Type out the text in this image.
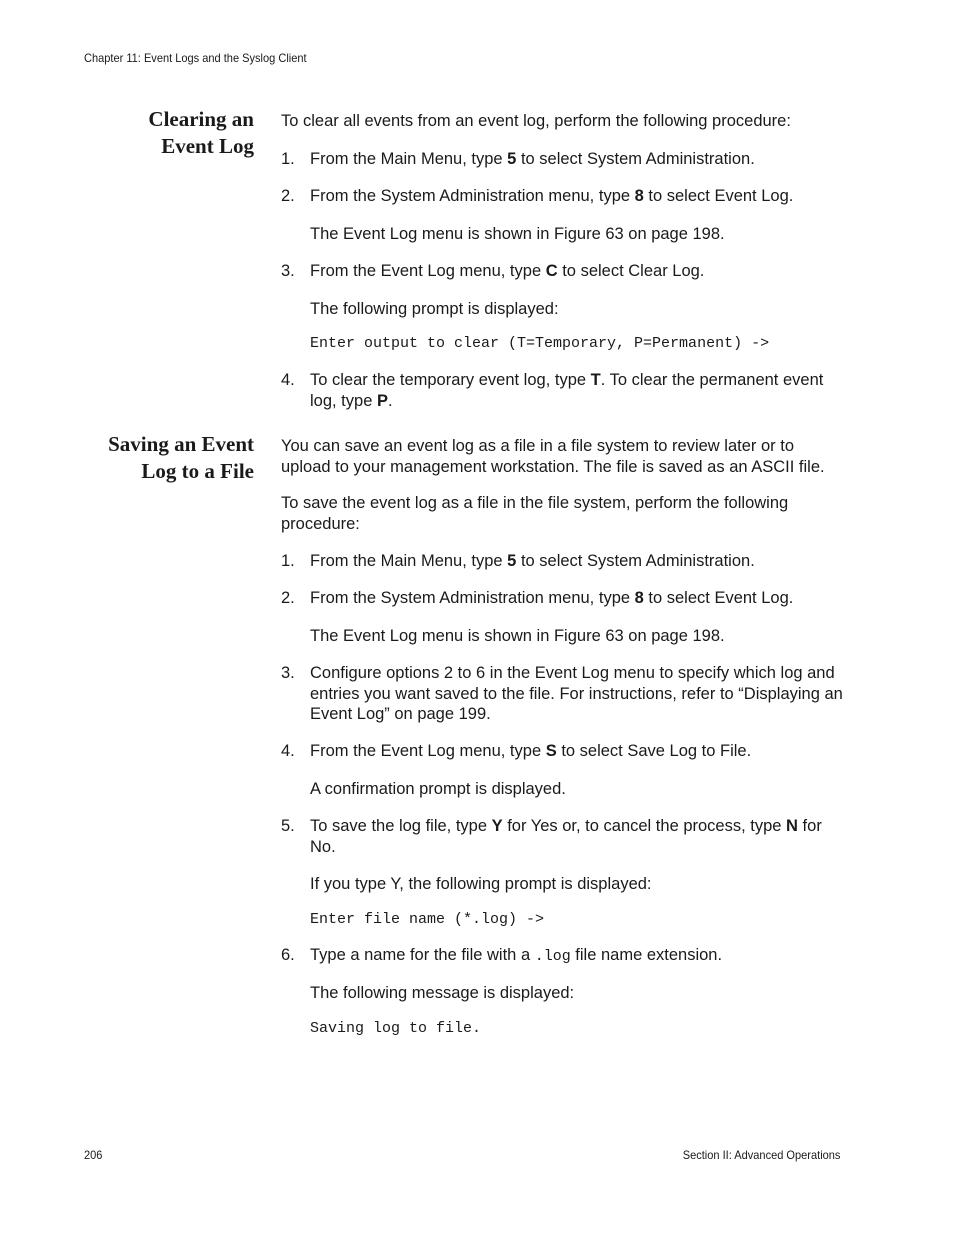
Chapter 11: Event Logs and the Syslog Client
Clearing an
Event Log
To clear all events from an event log, perform the following procedure:
1. From the Main Menu, type 5 to select System Administration.
2. From the System Administration menu, type 8 to select Event Log.
The Event Log menu is shown in Figure 63 on page 198.
3. From the Event Log menu, type C to select Clear Log.
The following prompt is displayed:
Enter output to clear (T=Temporary, P=Permanent) ->
4. To clear the temporary event log, type T. To clear the permanent event log, type P.
Saving an Event
Log to a File
You can save an event log as a file in a file system to review later or to upload to your management workstation. The file is saved as an ASCII file.
To save the event log as a file in the file system, perform the following procedure:
1. From the Main Menu, type 5 to select System Administration.
2. From the System Administration menu, type 8 to select Event Log.
The Event Log menu is shown in Figure 63 on page 198.
3. Configure options 2 to 6 in the Event Log menu to specify which log and entries you want saved to the file. For instructions, refer to “Displaying an Event Log” on page 199.
4. From the Event Log menu, type S to select Save Log to File.
A confirmation prompt is displayed.
5. To save the log file, type Y for Yes or, to cancel the process, type N for No.
If you type Y, the following prompt is displayed:
Enter file name (*.log) ->
6. Type a name for the file with a .log file name extension.
The following message is displayed:
Saving log to file.
206	Section II: Advanced Operations
